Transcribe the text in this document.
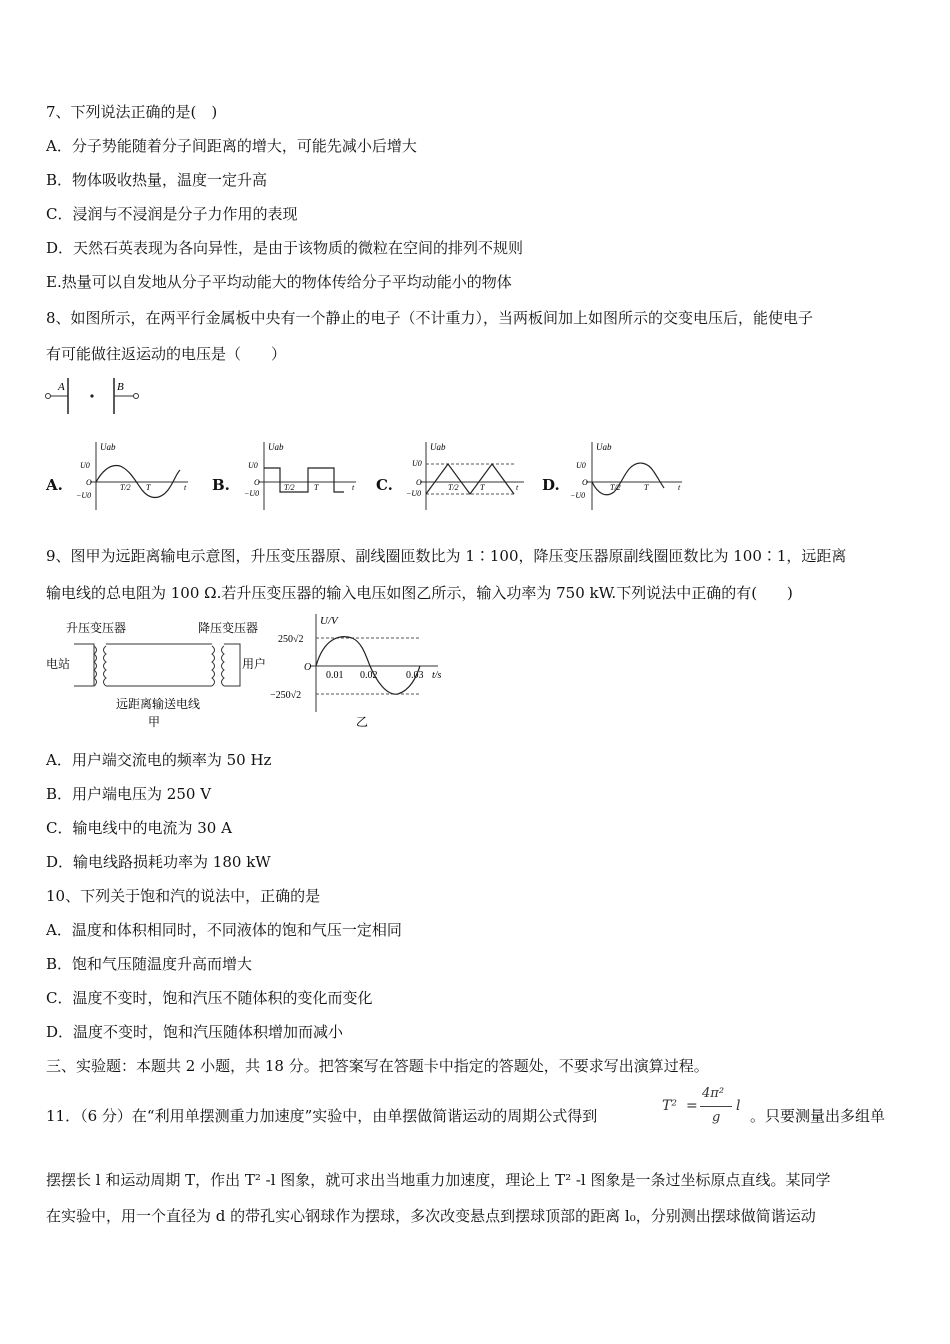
7、下列说法正确的是(　)
A．分子势能随着分子间距离的增大，可能先减小后增大
B．物体吸收热量，温度一定升高
C．浸润与不浸润是分子力作用的表现
D．天然石英表现为各向异性，是由于该物质的微粒在空间的排列不规则
E.热量可以自发地从分子平均动能大的物体传给分子平均动能小的物体
8、如图所示，在两平行金属板中央有一个静止的电子（不计重力），当两板间加上如图所示的交变电压后，能使电子
有可能做往返运动的电压是（　　）
A	B
A.
Uab
U0
O
−U0
T/2 T	t B.
Uab
U0
O
−U0
T/2 T	t C.
Uab
U0
O
−U0
T/2	T	t D.
Uab
U0
O
−U0
T/2	T	t
9、图甲为远距离输电示意图，升压变压器原、副线圈匝数比为 1∶100，降压变压器原副线圈匝数比为 100∶1，远距离
输电线的总电阻为 100 Ω.若升压变压器的输入电压如图乙所示，输入功率为 750 kW.下列说法中正确的有(　　)
升压变压器	降压变压器
电站	用户
远距离输送电线
甲
U/V
250√2
O
−250√2
0.01 0.02	0.03 t/s
乙
A．用户端交流电的频率为 50 Hz
B．用户端电压为 250 V
C．输电线中的电流为 30 A
D．输电线路损耗功率为 180 kW
10、下列关于饱和汽的说法中，正确的是
A．温度和体积相同时，不同液体的饱和气压一定相同
B．饱和气压随温度升高而增大
C．温度不变时，饱和汽压不随体积的变化而变化
D．温度不变时，饱和汽压随体积增加而减小
三、实验题：本题共 2 小题，共 18 分。把答案写在答题卡中指定的答题处，不要求写出演算过程。
11．（6 分）在“利用单摆测重力加速度”实验中，由单摆做简谐运动的周期公式得到
T² =
4π²
g
l
。只要测量出多组单
摆摆长 l 和运动周期 T，作出 T² -l 图象，就可求出当地重力加速度，理论上 T² -l 图象是一条过坐标原点直线。某同学
在实验中，用一个直径为 d 的带孔实心钢球作为摆球，多次改变悬点到摆球顶部的距离 l₀，分别测出摆球做简谐运动
